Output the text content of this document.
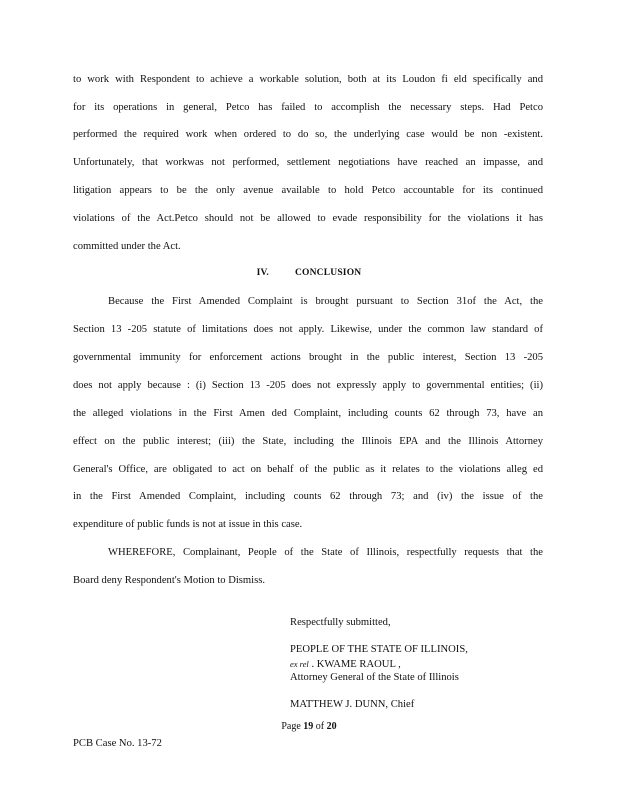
to work with Respondent to achieve a workable solution, both at its Loudon fi eld specifically and
for its operations in general, Petco has failed to accomplish the necessary steps. Had Petco
performed the required work when ordered to do so, the underlying case would be non -existent.
Unfortunately, that workwas not performed, settlement negotiations have reached an impasse, and
litigation appears to be the only avenue available to hold Petco accountable for its continued
violations of the Act.Petco should not be allowed to evade responsibility for the violations it has
committed under the Act.
IV.	CONCLUSION
Because the First Amended Complaint is brought pursuant to Section 31of the Act, the
Section 13 -205 statute of limitations does not apply. Likewise, under the common law standard of
governmental immunity for enforcement actions brought in the public interest, Section 13 -205
does not apply because : (i) Section 13 -205 does not expressly apply to governmental entities; (ii)
the alleged violations in the First Amen ded Complaint, including counts 62 through 73, have an
effect on the public interest; (iii) the State, including the Illinois EPA and the Illinois Attorney
General's Office, are obligated to act on behalf of the public as it relates to the violations alleg ed
in the First Amended Complaint, including counts 62 through 73; and (iv) the issue of the
expenditure of public funds is not at issue in this case.
WHEREFORE, Complainant, People of the State of Illinois, respectfully requests that the
Board deny Respondent's Motion to Dismiss.
Respectfully submitted,
PEOPLE OF THE STATE OF ILLINOIS,
ex rel . KWAME RAOUL ,
Attorney General of the State of Illinois
MATTHEW J. DUNN, Chief
Page 19 of 20
PCB Case No. 13-72
